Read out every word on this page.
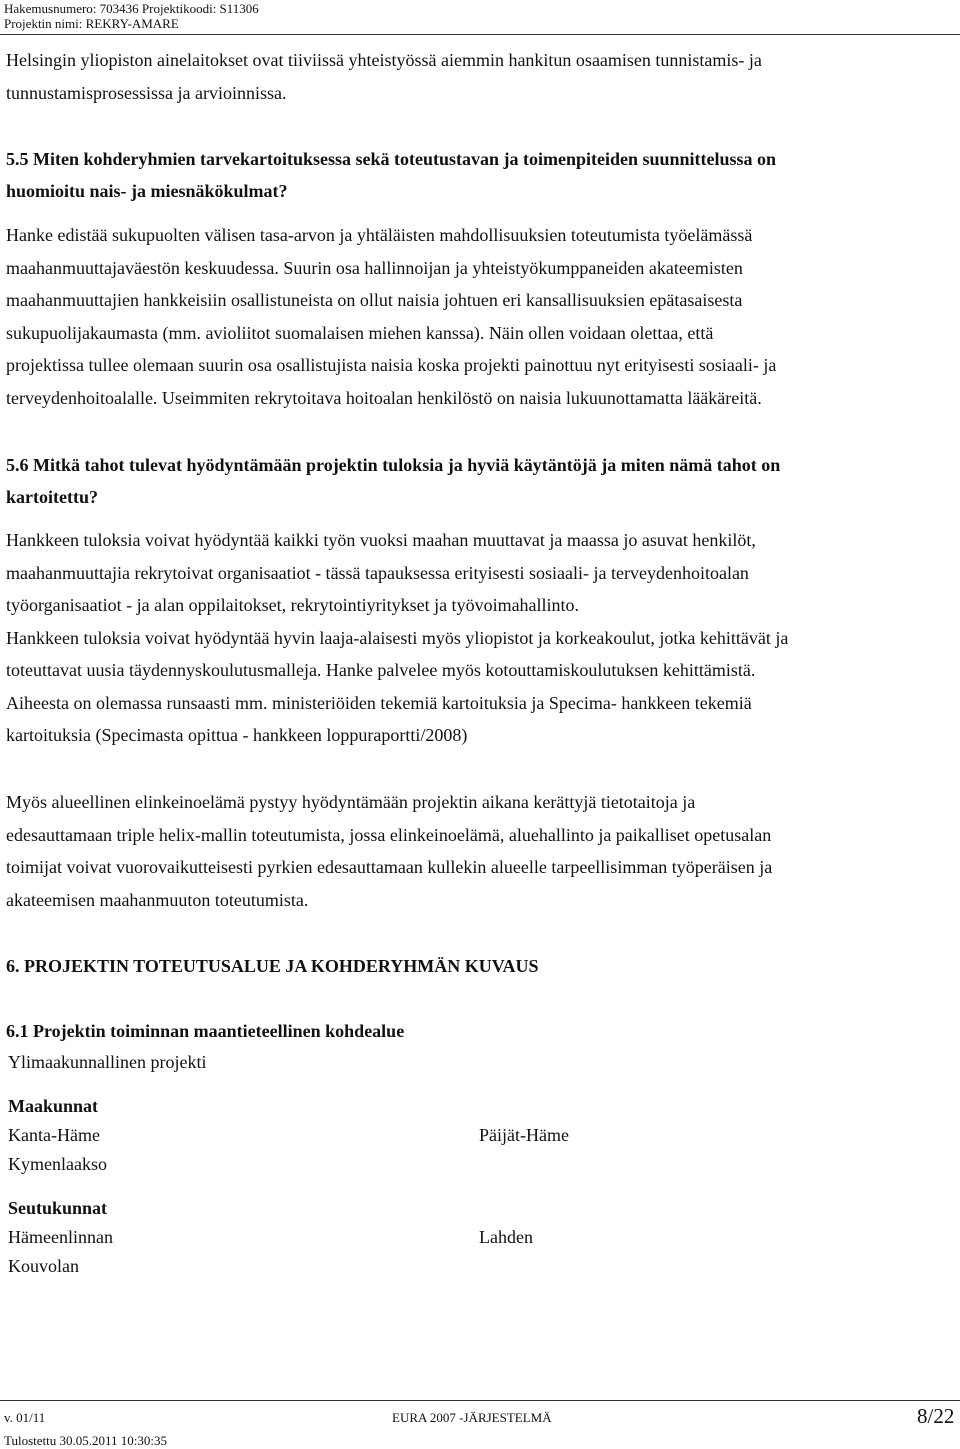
Hakemusnumero: 703436 Projektikoodi: S11306
Projektin nimi: REKRY-AMARE

Helsingin yliopiston ainelaitokset ovat tiiviissä yhteistyössä aiemmin hankitun osaamisen tunnistamis- ja

tunnustamisprosessissa ja arvioinnissa.

5.5 Miten kohderyhmien tarvekartoituksessa sekä toteutustavan ja toimenpiteiden suunnittelussa on

huomioitu nais- ja miesnäkökulmat?

Hanke edistää sukupuolten välisen tasa-arvon ja yhtäläisten mahdollisuuksien toteutumista työelämässä

maahanmuuttajaväestön keskuudessa. Suurin osa hallinnoijan ja yhteistyökumppaneiden akateemisten

maahanmuuttajien hankkeisiin osallistuneista on ollut naisia johtuen eri kansallisuuksien epätasaisesta

sukupuolijakaumasta (mm. avioliitot suomalaisen miehen kanssa). Näin ollen voidaan olettaa, että

projektissa tullee olemaan suurin osa osallistujista naisia koska projekti painottuu nyt erityisesti sosiaali- ja

terveydenhoitoalalle. Useimmiten rekrytoitava hoitoalan henkilöstö on naisia lukuunottamatta lääkäreitä.

5.6 Mitkä tahot tulevat hyödyntämään projektin tuloksia ja hyviä käytäntöjä ja miten nämä tahot on

kartoitettu?

Hankkeen tuloksia voivat hyödyntää kaikki työn vuoksi maahan muuttavat ja maassa jo asuvat henkilöt,

maahanmuuttajia rekrytoivat organisaatiot - tässä tapauksessa erityisesti sosiaali- ja terveydenhoitoalan

työorganisaatiot - ja alan oppilaitokset, rekrytointiyritykset ja työvoimahallinto.

Hankkeen tuloksia voivat hyödyntää hyvin laaja-alaisesti myös yliopistot ja korkeakoulut, jotka kehittävät ja

toteuttavat uusia täydennyskoulutusmalleja. Hanke palvelee myös kotouttamiskoulutuksen kehittämistä.

Aiheesta on olemassa runsaasti mm. ministeriöiden tekemiä kartoituksia ja Specima- hankkeen tekemiä

kartoituksia (Specimasta opittua - hankkeen loppuraportti/2008)

Myös alueellinen elinkeinoelämä pystyy hyödyntämään projektin aikana kerättyjä tietotaitoja ja

edesauttamaan triple helix-mallin toteutumista, jossa elinkeinoelämä, aluehallinto ja paikalliset opetusalan

toimijat voivat vuorovaikutteisesti pyrkien edesauttamaan kullekin alueelle tarpeellisimman työperäisen ja

akateemisen maahanmuuton toteutumista.

6. PROJEKTIN TOTEUTUSALUE JA KOHDERYHMÄN KUVAUS

6.1 Projektin toiminnan maantieteellinen kohdealue

Ylimaakunnallinen projekti

Maakunnat

Kanta-Häme	Päijät-Häme

Kymenlaakso

Seutukunnat

Hämeenlinnan	Lahden

Kouvolan

v. 01/11	EURA 2007 -JÄRJESTELMÄ	8/22
Tulostettu 30.05.2011 10:30:35
